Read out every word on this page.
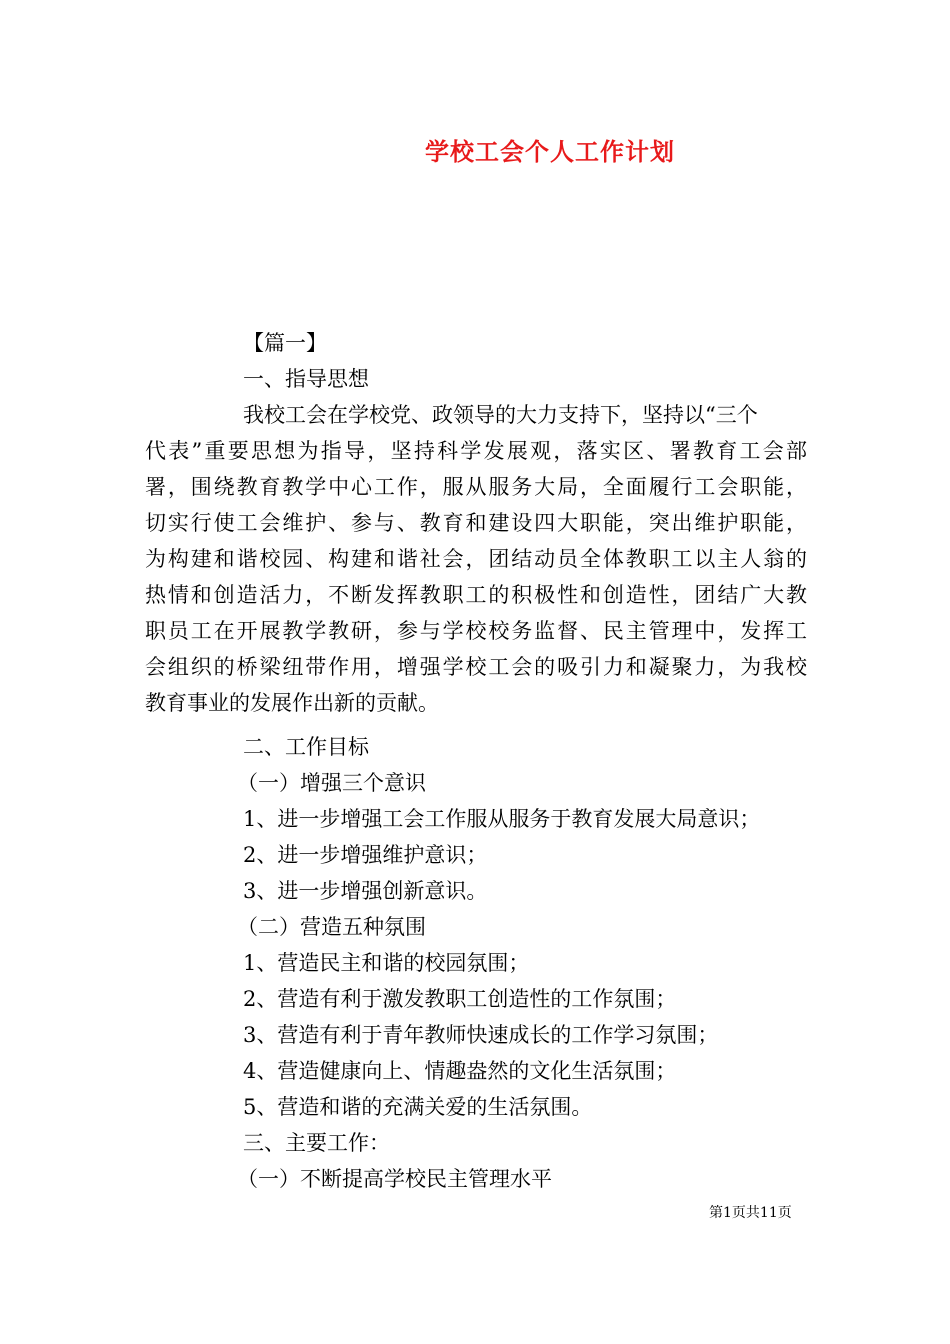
学校工会个人工作计划
【篇一】
一、指导思想
我校工会在学校党、政领导的大力支持下，坚持以“三个
代表”重要思想为指导，坚持科学发展观，落实区、署教育工会部
署，围绕教育教学中心工作，服从服务大局，全面履行工会职能，
切实行使工会维护、参与、教育和建设四大职能，突出维护职能，
为构建和谐校园、构建和谐社会，团结动员全体教职工以主人翁的
热情和创造活力，不断发挥教职工的积极性和创造性，团结广大教
职员工在开展教学教研，参与学校校务监督、民主管理中，发挥工
会组织的桥梁纽带作用，增强学校工会的吸引力和凝聚力，为我校
教育事业的发展作出新的贡献。
二、工作目标
（一）增强三个意识
1、进一步增强工会工作服从服务于教育发展大局意识；
2、进一步增强维护意识；
3、进一步增强创新意识。
（二）营造五种氛围
1、营造民主和谐的校园氛围；
2、营造有利于激发教职工创造性的工作氛围；
3、营造有利于青年教师快速成长的工作学习氛围；
4、营造健康向上、情趣盎然的文化生活氛围；
5、营造和谐的充满关爱的生活氛围。
三、主要工作：
（一）不断提高学校民主管理水平
第1页共11页
